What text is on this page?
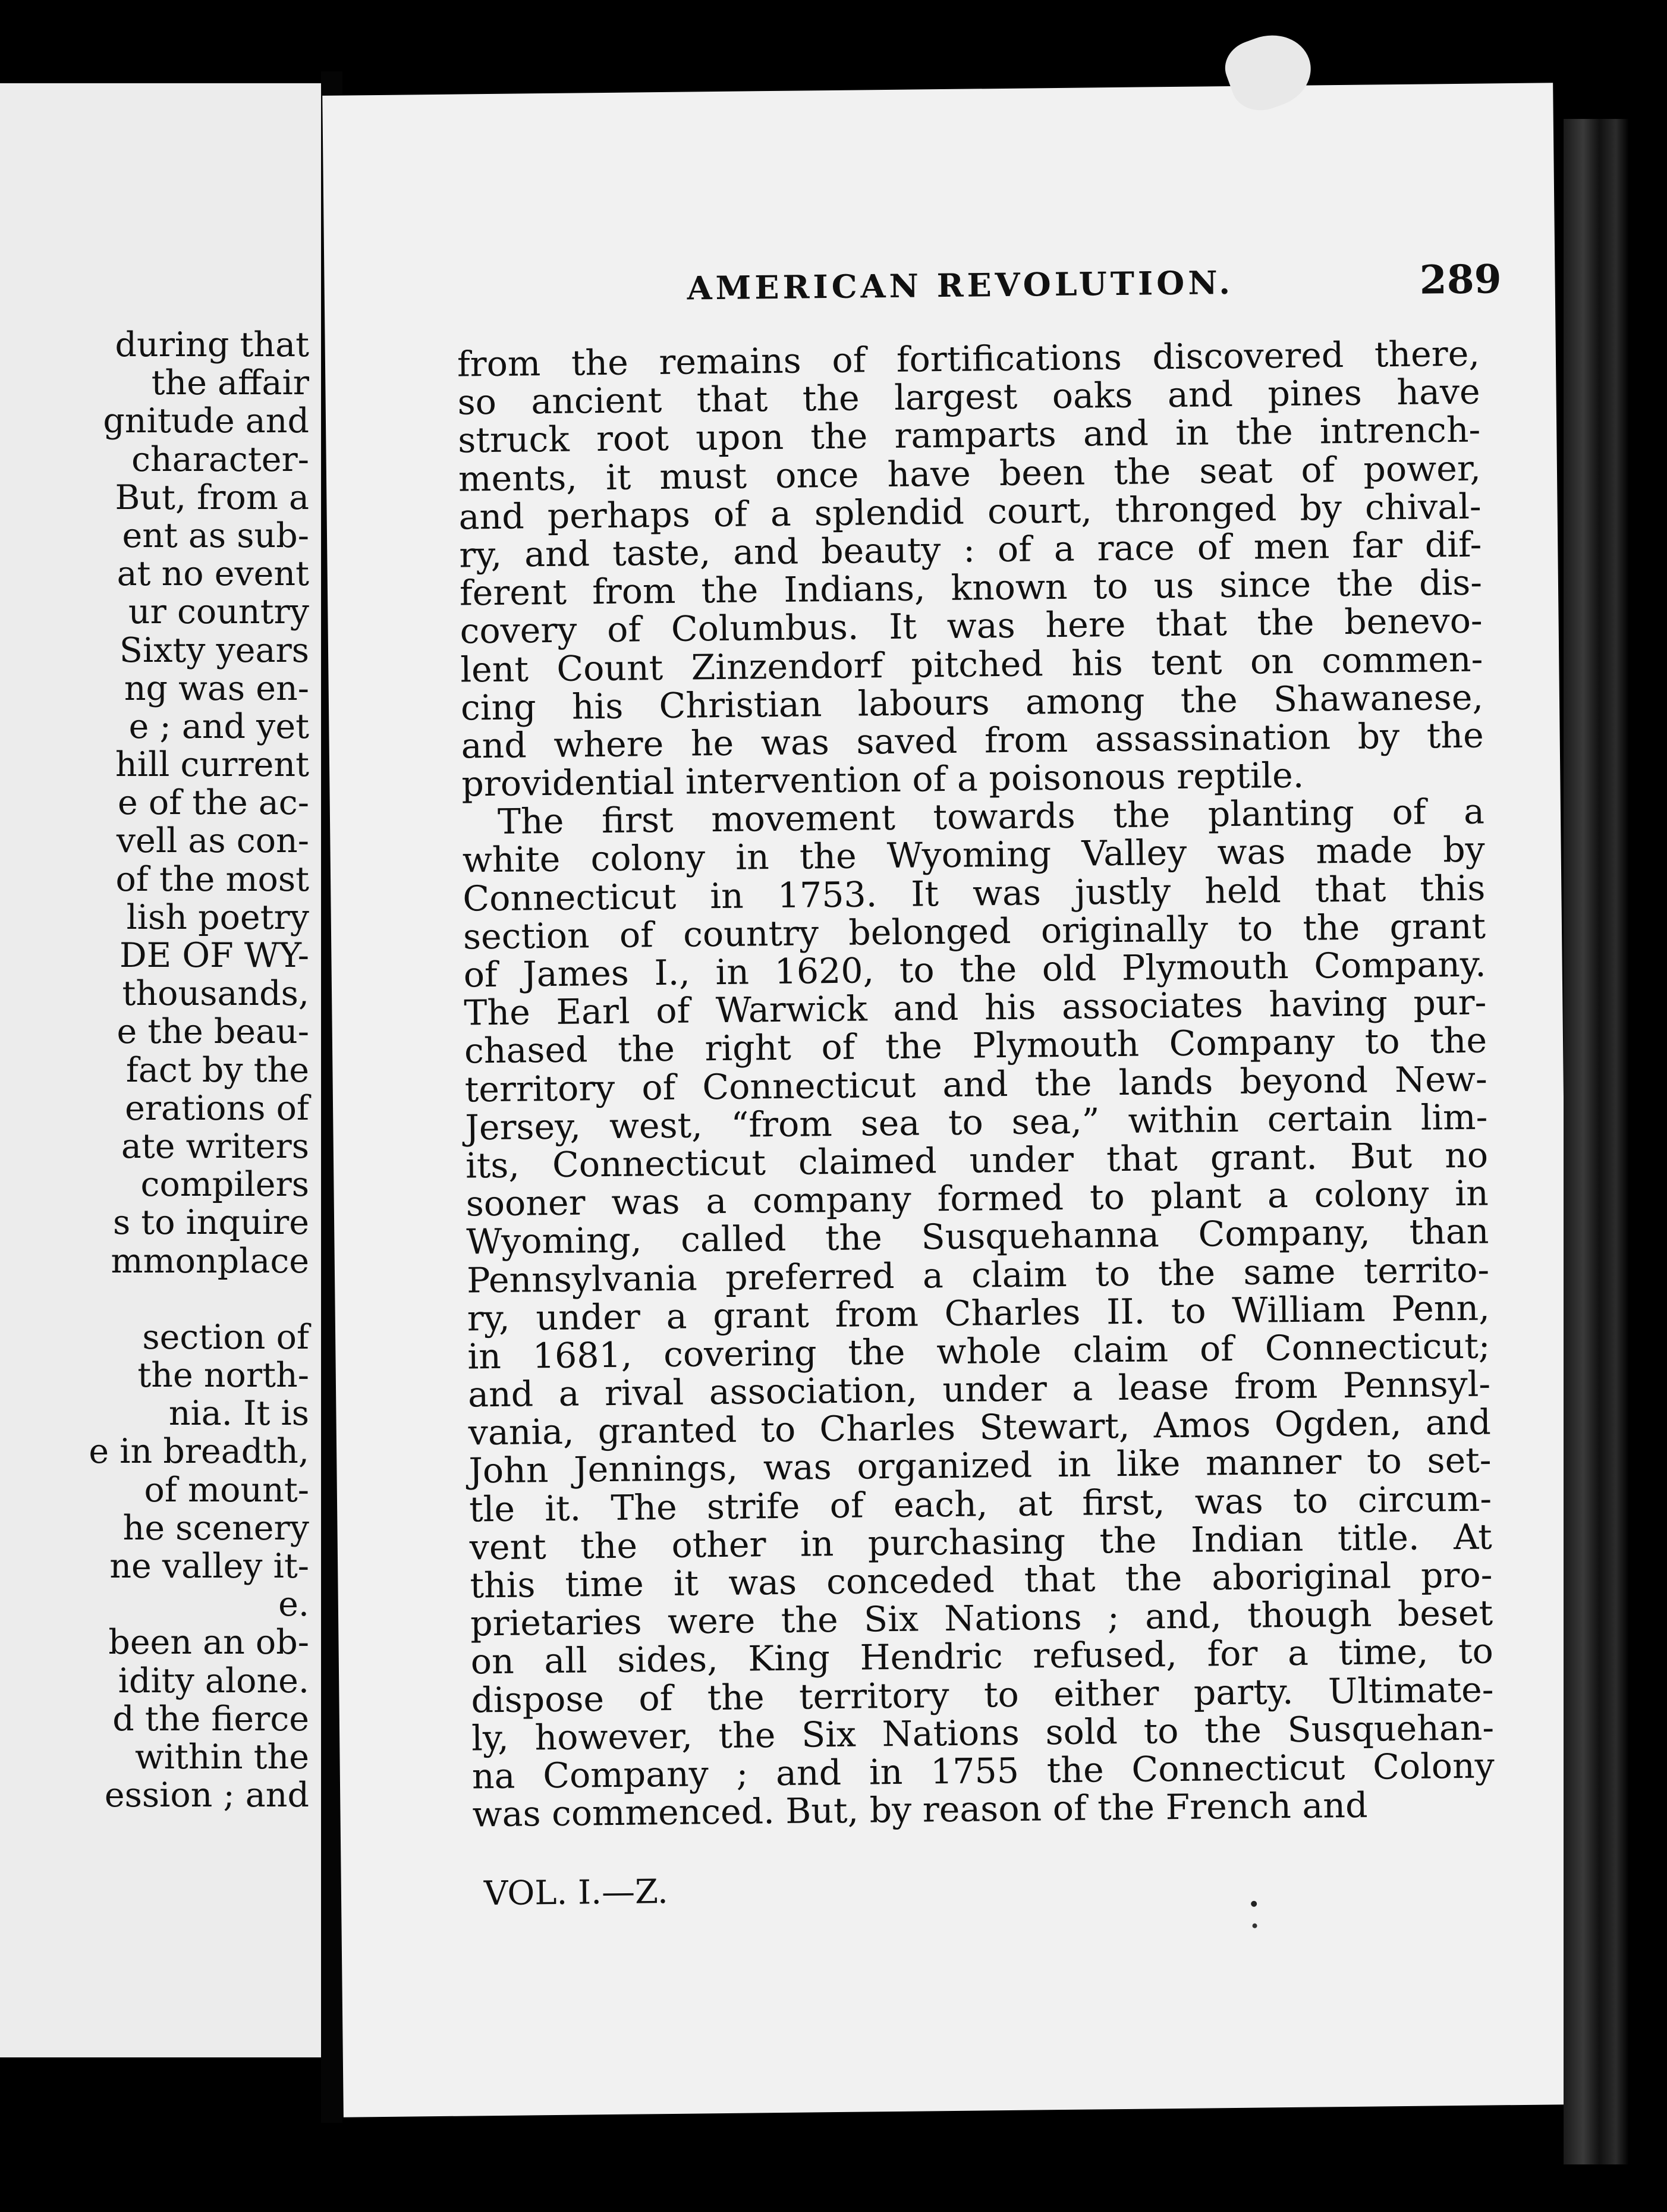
during that
the affair
gnitude and
character-
But, from a
ent as sub-
at no event
ur country
Sixty years
ng was en-
e ; and yet
hill current
e of the ac-
vell as con-
of the most
lish poetry
DE OF WY-
thousands,
e the beau-
fact by the
erations of
ate writers
compilers
s to inquire
mmonplace
section of
the north-
nia. It is
e in breadth,
of mount-
he scenery
ne valley it-
e.
been an ob-
idity alone.
d the fierce
within the
ession ; and
AMERICAN REVOLUTION.	289
from the remains of fortifications discovered there,
so ancient that the largest oaks and pines have
struck root upon the ramparts and in the intrench-
ments, it must once have been the seat of power,
and perhaps of a splendid court, thronged by chival-
ry, and taste, and beauty : of a race of men far dif-
ferent from the Indians, known to us since the dis-
covery of Columbus. It was here that the benevo-
lent Count Zinzendorf pitched his tent on commen-
cing his Christian labours among the Shawanese,
and where he was saved from assassination by the
providential intervention of a poisonous reptile.
The first movement towards the planting of a
white colony in the Wyoming Valley was made by
Connecticut in 1753. It was justly held that this
section of country belonged originally to the grant
of James I., in 1620, to the old Plymouth Company.
The Earl of Warwick and his associates having pur-
chased the right of the Plymouth Company to the
territory of Connecticut and the lands beyond New-
Jersey, west, “from sea to sea,” within certain lim-
its, Connecticut claimed under that grant. But no
sooner was a company formed to plant a colony in
Wyoming, called the Susquehanna Company, than
Pennsylvania preferred a claim to the same territo-
ry, under a grant from Charles II. to William Penn,
in 1681, covering the whole claim of Connecticut;
and a rival association, under a lease from Pennsyl-
vania, granted to Charles Stewart, Amos Ogden, and
John Jennings, was organized in like manner to set-
tle it. The strife of each, at first, was to circum-
vent the other in purchasing the Indian title. At
this time it was conceded that the aboriginal pro-
prietaries were the Six Nations ; and, though beset
on all sides, King Hendric refused, for a time, to
dispose of the territory to either party. Ultimate-
ly, however, the Six Nations sold to the Susquehan-
na Company ; and in 1755 the Connecticut Colony
was commenced. But, by reason of the French and
VOL. I.—Z.
